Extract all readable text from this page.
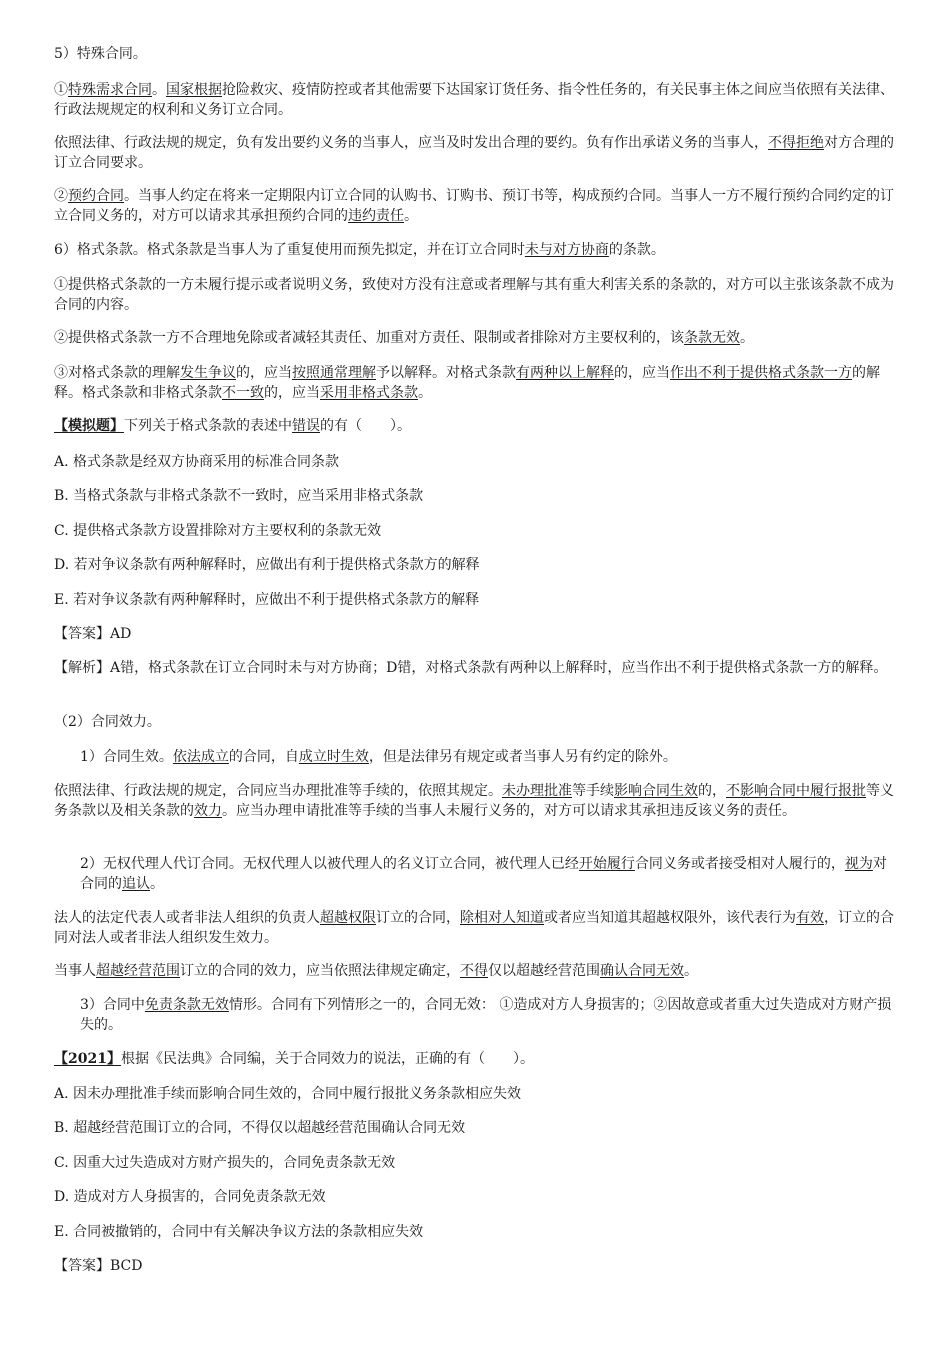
5）特殊合同。
①特殊需求合同。国家根据抢险救灾、疫情防控或者其他需要下达国家订货任务、指令性任务的，有关民事主体之间应当依照有关法律、行政法规规定的权利和义务订立合同。
依照法律、行政法规的规定，负有发出要约义务的当事人，应当及时发出合理的要约。负有作出承诺义务的当事人，不得拒绝对方合理的订立合同要求。
②预约合同。当事人约定在将来一定期限内订立合同的认购书、订购书、预订书等，构成预约合同。当事人一方不履行预约合同约定的订立合同义务的，对方可以请求其承担预约合同的违约责任。
6）格式条款。格式条款是当事人为了重复使用而预先拟定，并在订立合同时未与对方协商的条款。
①提供格式条款的一方未履行提示或者说明义务，致使对方没有注意或者理解与其有重大利害关系的条款的，对方可以主张该条款不成为合同的内容。
②提供格式条款一方不合理地免除或者减轻其责任、加重对方责任、限制或者排除对方主要权利的，该条款无效。
③对格式条款的理解发生争议的，应当按照通常理解予以解释。对格式条款有两种以上解释的，应当作出不利于提供格式条款一方的解释。格式条款和非格式条款不一致的，应当采用非格式条款。
【模拟题】下列关于格式条款的表述中错误的有（　　）。
A. 格式条款是经双方协商采用的标准合同条款
B. 当格式条款与非格式条款不一致时，应当采用非格式条款
C. 提供格式条款方设置排除对方主要权利的条款无效
D. 若对争议条款有两种解释时，应做出有利于提供格式条款方的解释
E. 若对争议条款有两种解释时，应做出不利于提供格式条款方的解释
【答案】AD
【解析】A错，格式条款在订立合同时未与对方协商；D错，对格式条款有两种以上解释时，应当作出不利于提供格式条款一方的解释。
（2）合同效力。
1）合同生效。依法成立的合同，自成立时生效，但是法律另有规定或者当事人另有约定的除外。
依照法律、行政法规的规定，合同应当办理批准等手续的，依照其规定。未办理批准等手续影响合同生效的，不影响合同中履行报批等义务条款以及相关条款的效力。应当办理申请批准等手续的当事人未履行义务的，对方可以请求其承担违反该义务的责任。
2）无权代理人代订合同。无权代理人以被代理人的名义订立合同，被代理人已经开始履行合同义务或者接受相对人履行的，视为对合同的追认。
法人的法定代表人或者非法人组织的负责人超越权限订立的合同，除相对人知道或者应当知道其超越权限外，该代表行为有效，订立的合同对法人或者非法人组织发生效力。
当事人超越经营范围订立的合同的效力，应当依照法律规定确定，不得仅以超越经营范围确认合同无效。
3）合同中免责条款无效情形。合同有下列情形之一的，合同无效： ①造成对方人身损害的；②因故意或者重大过失造成对方财产损失的。
【2021】根据《民法典》合同编，关于合同效力的说法，正确的有（　　）。
A. 因未办理批准手续而影响合同生效的，合同中履行报批义务条款相应失效
B. 超越经营范围订立的合同，不得仅以超越经营范围确认合同无效
C. 因重大过失造成对方财产损失的，合同免责条款无效
D. 造成对方人身损害的，合同免责条款无效
E. 合同被撤销的，合同中有关解决争议方法的条款相应失效
【答案】BCD
